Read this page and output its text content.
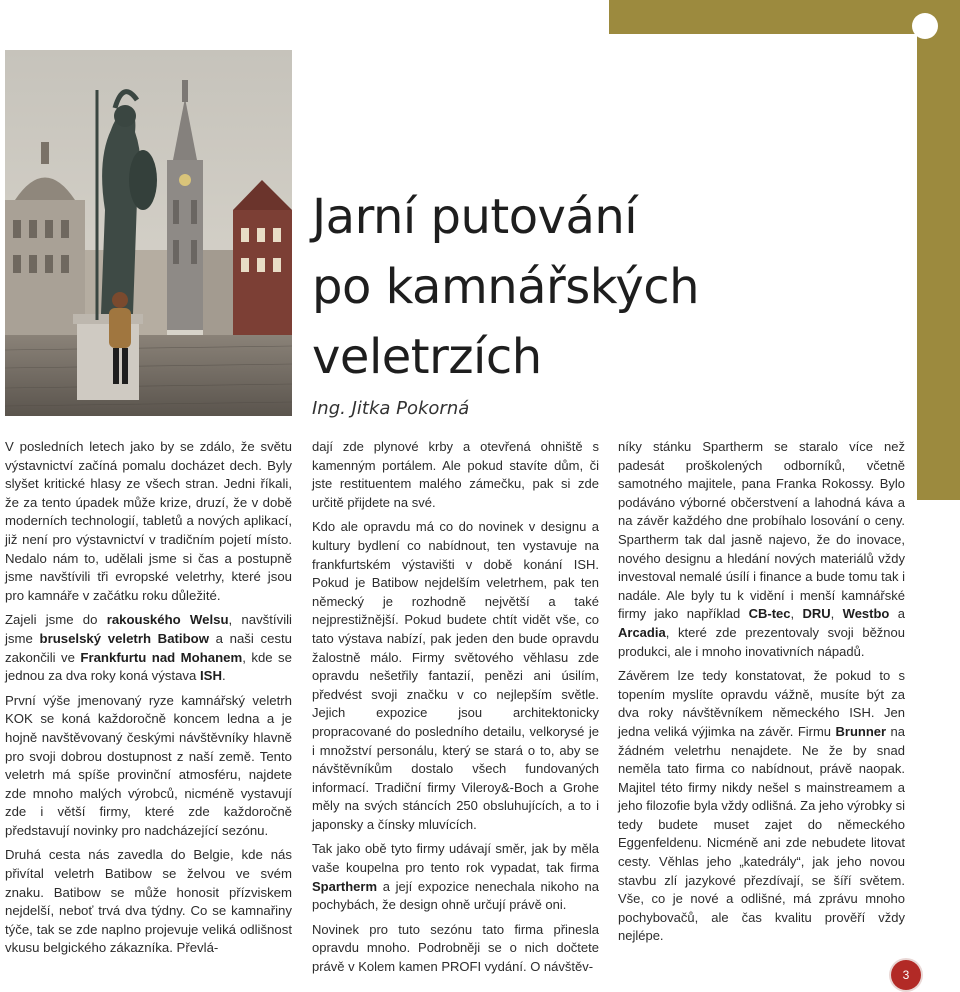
Jarní putování
po kamnářských
veletrzích
Ing. Jitka Pokorná

V posledních letech jako by se zdálo, že světu výstavnictví začíná pomalu docházet dech. Byly slyšet kritické hlasy ze všech stran. Jedni říkali, že za tento úpadek může krize, druzí, že v době moderních technologií, tabletů a nových aplikací, již není pro výstavnictví v tradičním pojetí místo. Nedalo nám to, udělali jsme si čas a postupně jsme navštívili tři evropské veletrhy, které jsou pro kamnáře v začátku roku důležité.

Zajeli jsme do rakouského Welsu, navštívili jsme bruselský veletrh Batibow a naši cestu zakončili ve Frankfurtu nad Mohanem, kde se jednou za dva roky koná výstava ISH.

První výše jmenovaný ryze kamnářský veletrh KOK se koná každoročně koncem ledna a je hojně navštěvovaný českými návštěvníky hlavně pro svoji dobrou dostupnost z naší země. Tento veletrh má spíše provinční atmosféru, najdete zde mnoho malých výrobců, nicméně vystavují zde i větší firmy, které zde každoročně představují novinky pro nadcházející sezónu.

Druhá cesta nás zavedla do Belgie, kde nás přivítal veletrh Batibow se želvou ve svém znaku. Batibow se může honosit přízviskem nejdelší, neboť trvá dva týdny. Co se kamnařiny týče, tak se zde naplno projevuje veliká odlišnost vkusu belgického zákazníka. Převlá-

dají zde plynové krby a otevřená ohniště s kamenným portálem. Ale pokud stavíte dům, či jste restituentem malého zámečku, pak si zde určitě přijdete na své.

Kdo ale opravdu má co do novinek v designu a kultury bydlení co nabídnout, ten vystavuje na frankfurtském výstavišti v době konání ISH. Pokud je Batibow nejdelším veletrhem, pak ten německý je rozhodně největší a také nejprestižnější. Pokud budete chtít vidět vše, co tato výstava nabízí, pak jeden den bude opravdu žalostně málo. Firmy světového věhlasu zde opravdu nešetřily fantazií, penězi ani úsilím, předvést svoji značku v co nejlepším světle. Jejich expozice jsou architektonicky propracované do posledního detailu, velkorysé je i množství personálu, který se stará o to, aby se návštěvníkům dostalo všech fundovaných informací. Tradiční firmy Vileroy&-Boch a Grohe měly na svých stáncích 250 obsluhujících, a to i japonsky a čínsky mluvících.

Tak jako obě tyto firmy udávají směr, jak by měla vaše koupelna pro tento rok vypadat, tak firma Spartherm a její expozice nenechala nikoho na pochybách, že design ohně určují právě oni.

Novinek pro tuto sezónu tato firma přinesla opravdu mnoho. Podrobněji se o nich dočtete právě v Kolem kamen PROFI vydání. O návštěv-

níky stánku Spartherm se staralo více než padesát proškolených odborníků, včetně samotného majitele, pana Franka Rokossy. Bylo podáváno výborné občerstvení a lahodná káva a na závěr každého dne probíhalo losování o ceny. Spartherm tak dal jasně najevo, že do inovace, nového designu a hledání nových materiálů vždy investoval nemalé úsílí i finance a bude tomu tak i nadále. Ale byly tu k vidění i menší kamnářské firmy jako například CB-tec, DRU, Westbo a Arcadia, které zde prezentovaly svoji běžnou produkci, ale i mnoho inovativních nápadů.

Závěrem lze tedy konstatovat, že pokud to s topením myslíte opravdu vážně, musíte být za dva roky návštěvníkem německého ISH. Jen jedna veliká výjimka na závěr. Firmu Brunner na žádném veletrhu nenajdete. Ne že by snad neměla tato firma co nabídnout, právě naopak. Majitel této firmy nikdy nešel s mainstreamem a jeho filozofie byla vždy odlišná. Za jeho výrobky si tedy budete muset zajet do německého Eggenfeldenu. Nicméně ani zde nebudete litovat cesty. Věhlas jeho „katedrály“, jak jeho novou stavbu zlí jazykové přezdívají, se šíří světem. Vše, co je nové a odlišné, má zprávu mnoho pochybovačů, ale čas kvalitu prověří vždy nejlépe.

3
